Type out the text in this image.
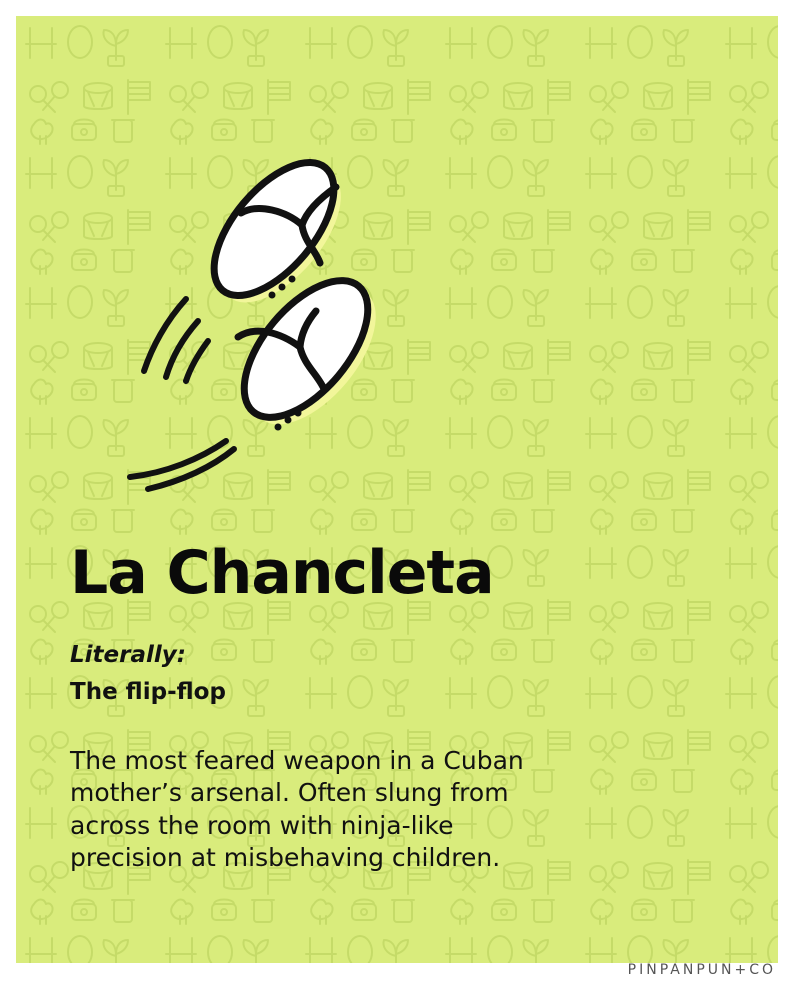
La Chancleta

Literally:

The flip-flop

The most feared weapon in a Cuban
mother’s arsenal. Often slung from
across the room with ninja-like
precision at misbehaving children.

PINPANPUN+CO
